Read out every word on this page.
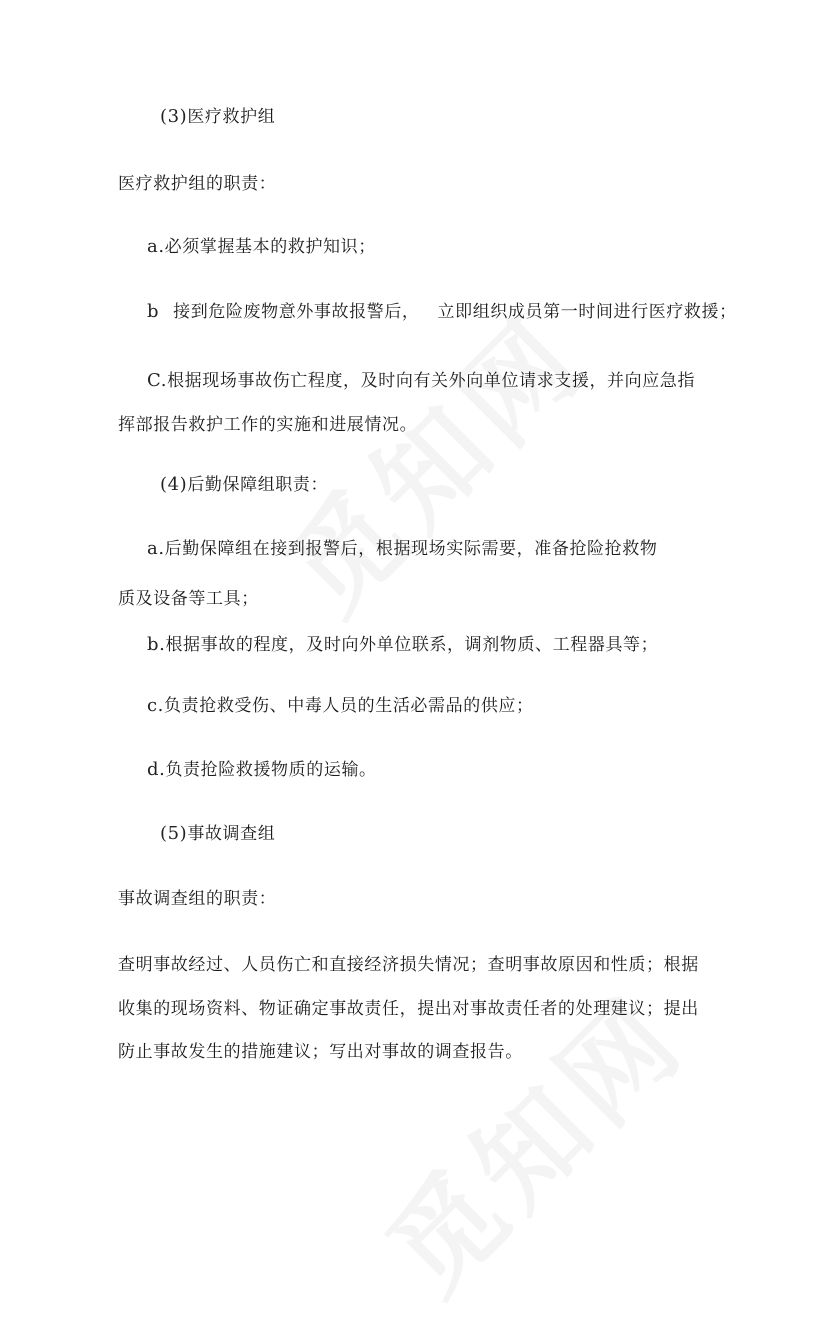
(3)医疗救护组
医疗救护组的职责：
a.必须掌握基本的救护知识；
b 接到危险废物意外事故报警后，   立即组织成员第一时间进行医疗救援；
C.根据现场事故伤亡程度，及时向有关外向单位请求支援，并向应急指
挥部报告救护工作的实施和进展情况。
(4)后勤保障组职责：
a.后勤保障组在接到报警后，根据现场实际需要，准备抢险抢救物
质及设备等工具；
b.根据事故的程度，及时向外单位联系，调剂物质、工程器具等；
c.负责抢救受伤、中毒人员的生活必需品的供应；
d.负责抢险救援物质的运输。
(5)事故调查组
事故调查组的职责：
查明事故经过、人员伤亡和直接经济损失情况；查明事故原因和性质；根据
收集的现场资料、物证确定事故责任，提出对事故责任者的处理建议；提出
防止事故发生的措施建议；写出对事故的调查报告。
